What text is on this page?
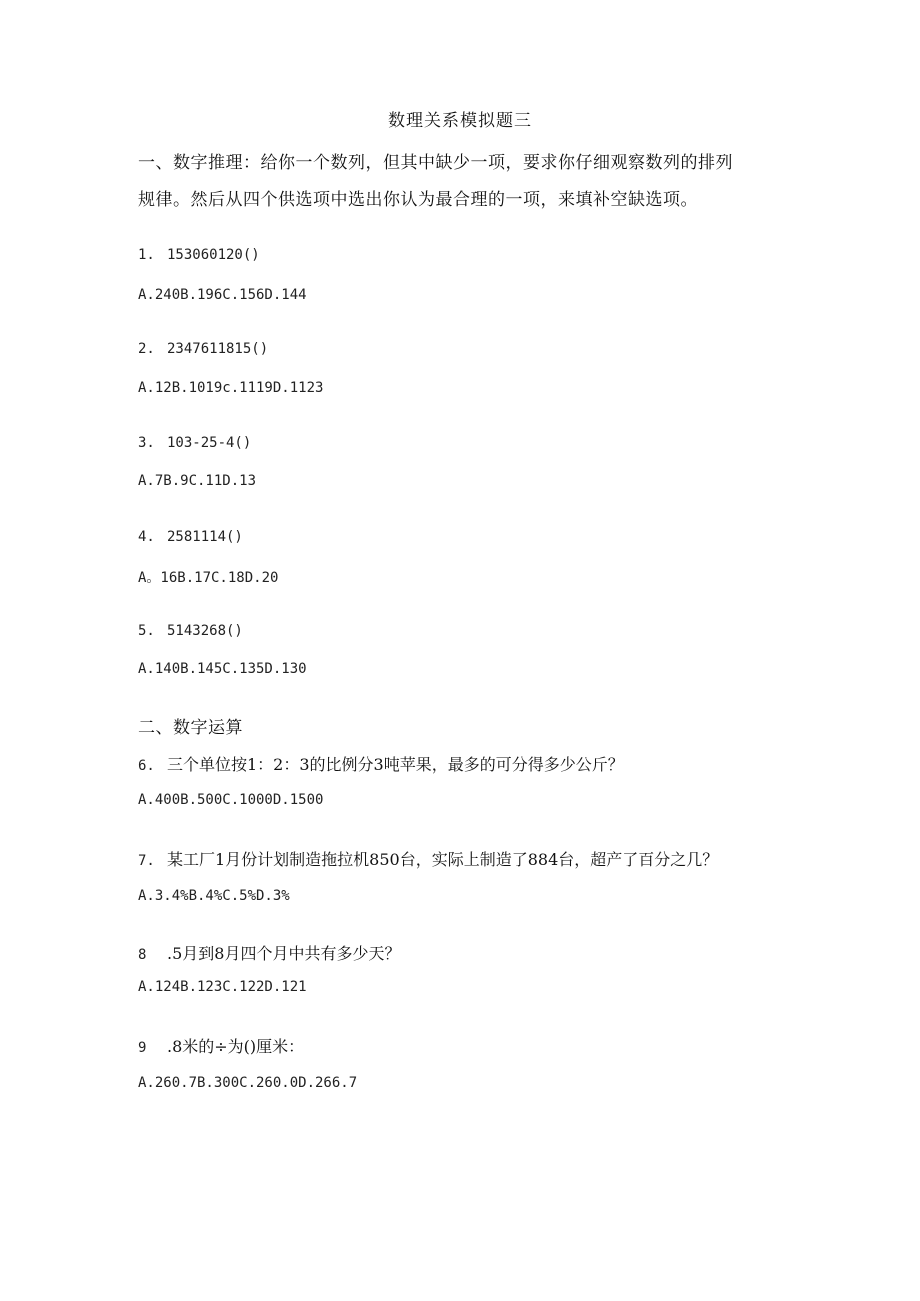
数理关系模拟题三
一、数字推理：给你一个数列，但其中缺少一项，要求你仔细观察数列的排列
规律。然后从四个供选项中选出你认为最合理的一项，来填补空缺选项。
1. 153060120()
A.240B.196C.156D.144
2. 2347611815()
A.12B.1019c.1119D.1123
3. 103-25-4()
A.7B.9C.11D.13
4. 2581114()
A。16B.17C.18D.20
5. 5143268()
A.140B.145C.135D.130
二、数字运算
6. 三个单位按1：2：3的比例分3吨苹果，最多的可分得多少公斤？
A.400B.500C.1000D.1500
7. 某工厂1月份计划制造拖拉机850台，实际上制造了884台，超产了百分之几？
A.3.4%B.4%C.5%D.3%
8 .5月到8月四个月中共有多少天？
A.124B.123C.122D.121
9 .8米的÷为()厘米：
A.260.7B.300C.260.0D.266.7
